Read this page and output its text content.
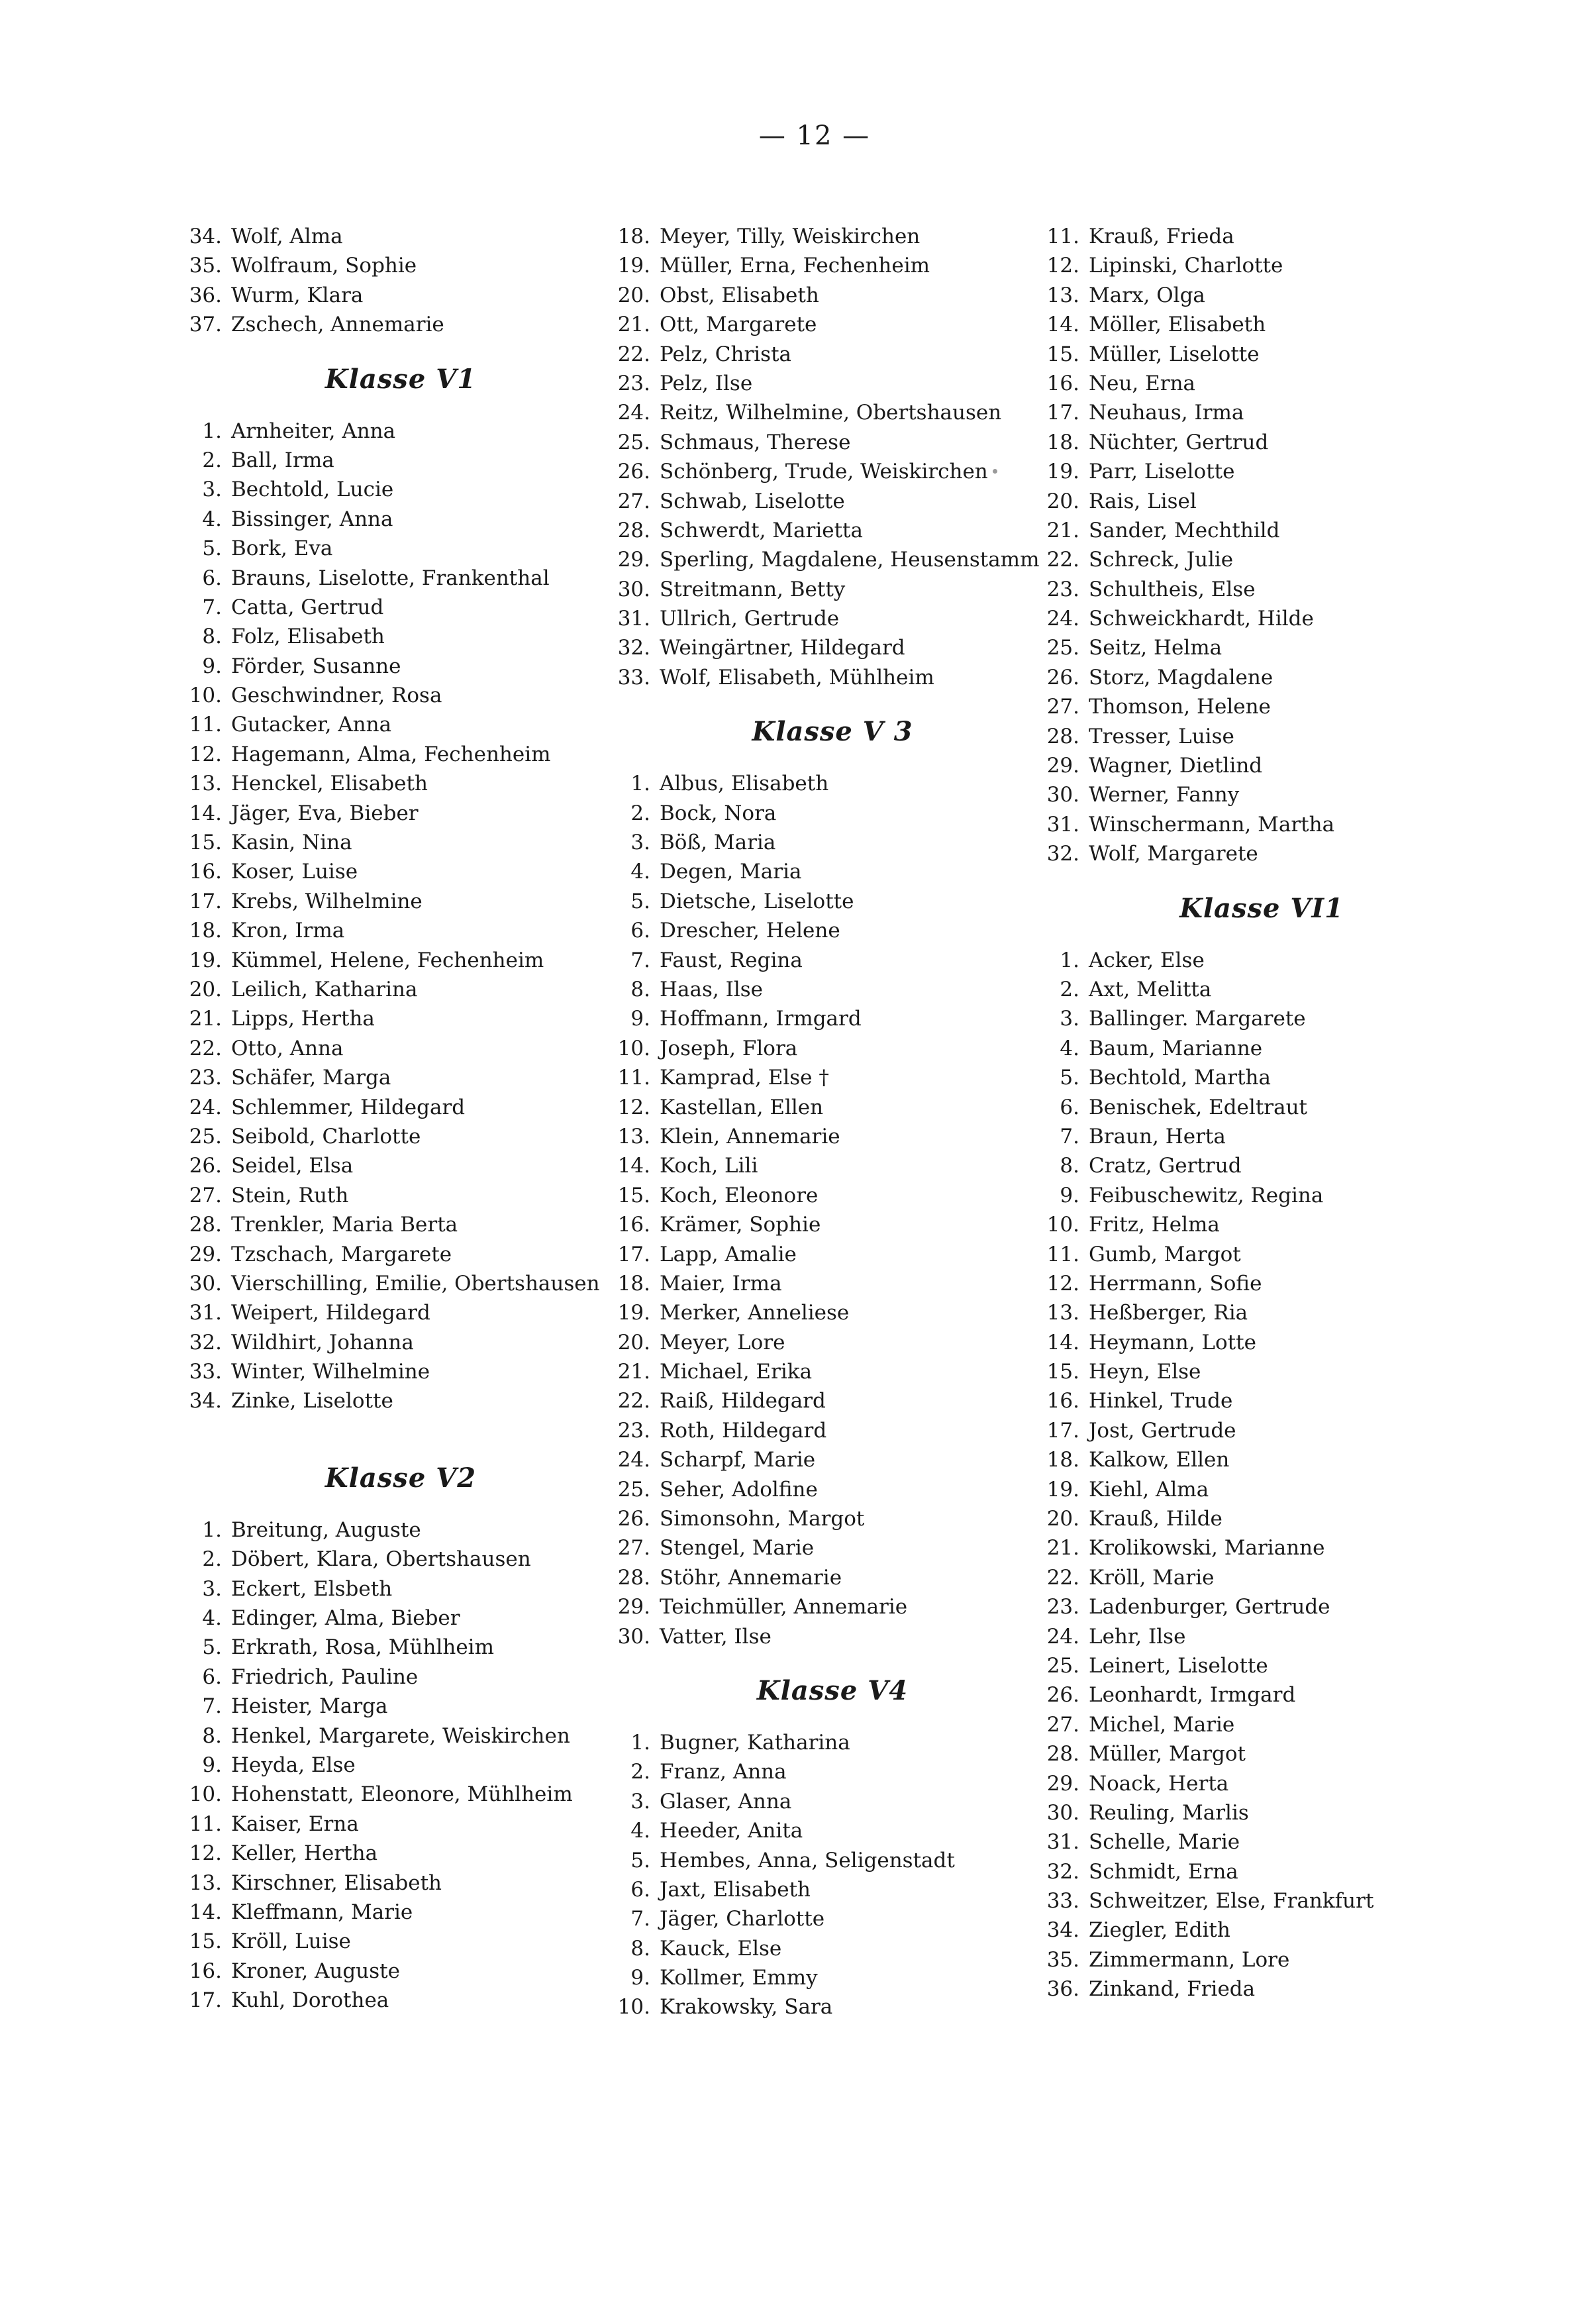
— 12 —
34. Wolf, Alma
35. Wolfraum, Sophie
36. Wurm, Klara
37. Zschech, Annemarie
Klasse V1
1. Arnheiter, Anna
2. Ball, Irma
3. Bechtold, Lucie
4. Bissinger, Anna
5. Bork, Eva
6. Brauns, Liselotte, Frankenthal
7. Catta, Gertrud
8. Folz, Elisabeth
9. Förder, Susanne
10. Geschwindner, Rosa
11. Gutacker, Anna
12. Hagemann, Alma, Fechenheim
13. Henckel, Elisabeth
14. Jäger, Eva, Bieber
15. Kasin, Nina
16. Koser, Luise
17. Krebs, Wilhelmine
18. Kron, Irma
19. Kümmel, Helene, Fechenheim
20. Leilich, Katharina
21. Lipps, Hertha
22. Otto, Anna
23. Schäfer, Marga
24. Schlemmer, Hildegard
25. Seibold, Charlotte
26. Seidel, Elsa
27. Stein, Ruth
28. Trenkler, Maria Berta
29. Tzschach, Margarete
30. Vierschilling, Emilie, Obertshausen
31. Weipert, Hildegard
32. Wildhirt, Johanna
33. Winter, Wilhelmine
34. Zinke, Liselotte
Klasse V2
1. Breitung, Auguste
2. Döbert, Klara, Obertshausen
3. Eckert, Elsbeth
4. Edinger, Alma, Bieber
5. Erkrath, Rosa, Mühlheim
6. Friedrich, Pauline
7. Heister, Marga
8. Henkel, Margarete, Weiskirchen
9. Heyda, Else
10. Hohenstatt, Eleonore, Mühlheim
11. Kaiser, Erna
12. Keller, Hertha
13. Kirschner, Elisabeth
14. Kleffmann, Marie
15. Kröll, Luise
16. Kroner, Auguste
17. Kuhl, Dorothea
18. Meyer, Tilly, Weiskirchen
19. Müller, Erna, Fechenheim
20. Obst, Elisabeth
21. Ott, Margarete
22. Pelz, Christa
23. Pelz, Ilse
24. Reitz, Wilhelmine, Obertshausen
25. Schmaus, Therese
26. Schönberg, Trude, Weiskirchen
27. Schwab, Liselotte
28. Schwerdt, Marietta
29. Sperling, Magdalene, Heusenstamm
30. Streitmann, Betty
31. Ullrich, Gertrude
32. Weingärtner, Hildegard
33. Wolf, Elisabeth, Mühlheim
Klasse V 3
1. Albus, Elisabeth
2. Bock, Nora
3. Böß, Maria
4. Degen, Maria
5. Dietsche, Liselotte
6. Drescher, Helene
7. Faust, Regina
8. Haas, Ilse
9. Hoffmann, Irmgard
10. Joseph, Flora
11. Kamprad, Else †
12. Kastellan, Ellen
13. Klein, Annemarie
14. Koch, Lili
15. Koch, Eleonore
16. Krämer, Sophie
17. Lapp, Amalie
18. Maier, Irma
19. Merker, Anneliese
20. Meyer, Lore
21. Michael, Erika
22. Raiß, Hildegard
23. Roth, Hildegard
24. Scharpf, Marie
25. Seher, Adolfine
26. Simonsohn, Margot
27. Stengel, Marie
28. Stöhr, Annemarie
29. Teichmüller, Annemarie
30. Vatter, Ilse
Klasse V4
1. Bugner, Katharina
2. Franz, Anna
3. Glaser, Anna
4. Heeder, Anita
5. Hembes, Anna, Seligenstadt
6. Jaxt, Elisabeth
7. Jäger, Charlotte
8. Kauck, Else
9. Kollmer, Emmy
10. Krakowsky, Sara
11. Krauß, Frieda
12. Lipinski, Charlotte
13. Marx, Olga
14. Möller, Elisabeth
15. Müller, Liselotte
16. Neu, Erna
17. Neuhaus, Irma
18. Nüchter, Gertrud
19. Parr, Liselotte
20. Rais, Lisel
21. Sander, Mechthild
22. Schreck, Julie
23. Schultheis, Else
24. Schweickhardt, Hilde
25. Seitz, Helma
26. Storz, Magdalene
27. Thomson, Helene
28. Tresser, Luise
29. Wagner, Dietlind
30. Werner, Fanny
31. Winschermann, Martha
32. Wolf, Margarete
Klasse VI1
1. Acker, Else
2. Axt, Melitta
3. Ballinger. Margarete
4. Baum, Marianne
5. Bechtold, Martha
6. Benischek, Edeltraut
7. Braun, Herta
8. Cratz, Gertrud
9. Feibuschewitz, Regina
10. Fritz, Helma
11. Gumb, Margot
12. Herrmann, Sofie
13. Heßberger, Ria
14. Heymann, Lotte
15. Heyn, Else
16. Hinkel, Trude
17. Jost, Gertrude
18. Kalkow, Ellen
19. Kiehl, Alma
20. Krauß, Hilde
21. Krolikowski, Marianne
22. Kröll, Marie
23. Ladenburger, Gertrude
24. Lehr, Ilse
25. Leinert, Liselotte
26. Leonhardt, Irmgard
27. Michel, Marie
28. Müller, Margot
29. Noack, Herta
30. Reuling, Marlis
31. Schelle, Marie
32. Schmidt, Erna
33. Schweitzer, Else, Frankfurt
34. Ziegler, Edith
35. Zimmermann, Lore
36. Zinkand, Frieda
